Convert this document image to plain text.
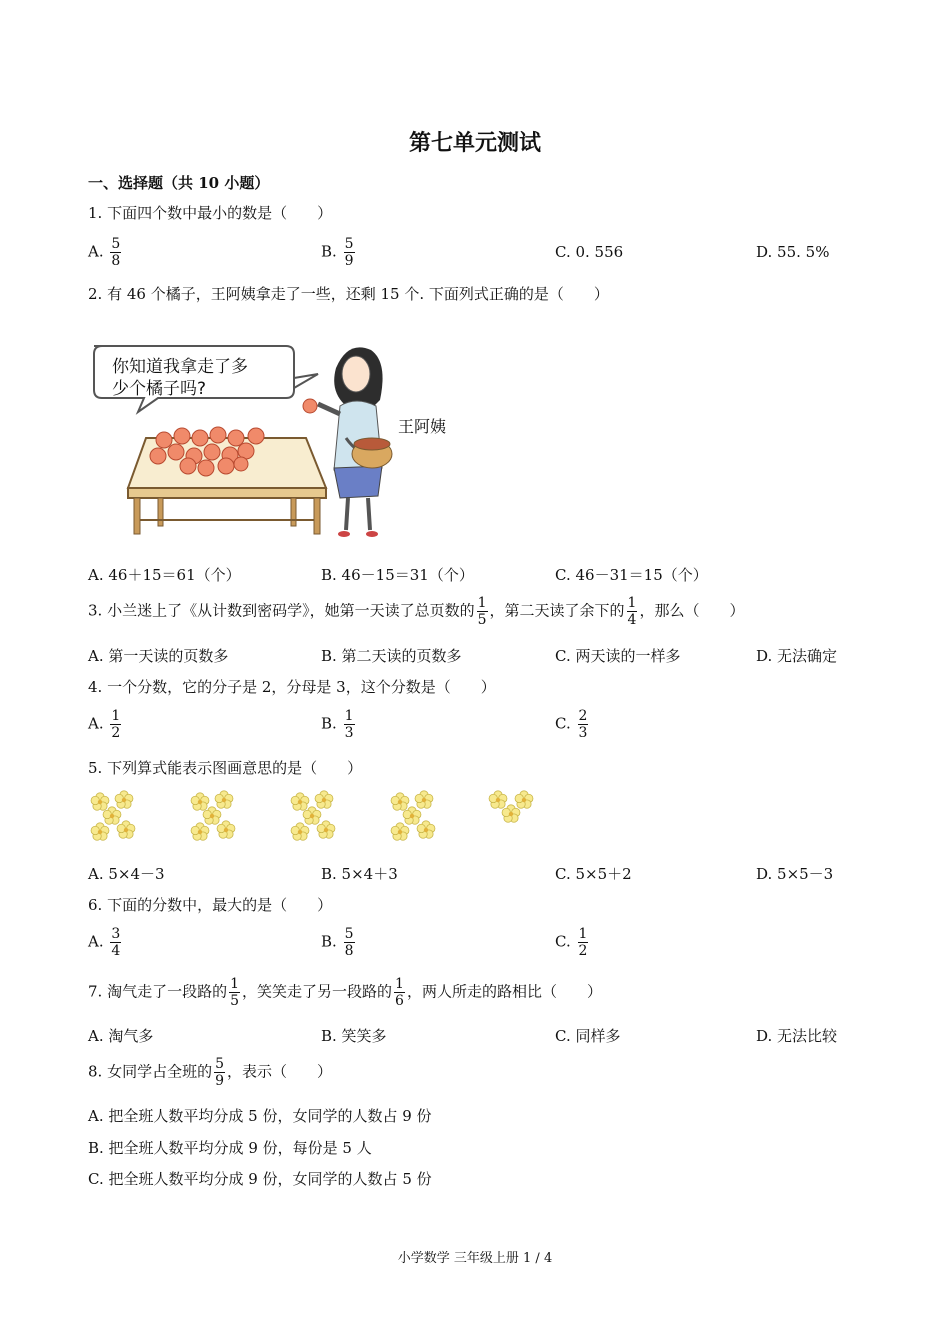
第七单元测试
一、选择题（共 10 小题）
1. 下面四个数中最小的数是（　　）
A. $\frac{5}{8}$	B. $\frac{5}{9}$	C. 0. 556	D. 55. 5%
2. 有 46 个橘子，王阿姨拿走了一些，还剩 15 个. 下面列式正确的是（　　）
你知道我拿走了多
少个橘子吗?
王阿姨
A. 46＋15＝61（个）	B. 46－15＝31（个）	C. 46－31＝15（个）
3. 小兰迷上了《从计数到密码学》，她第一天读了总页数的 $\frac{1}{5}$ ，第二天读了余下的 $\frac{1}{4}$ ，那么（　　）
A. 第一天读的页数多	B. 第二天读的页数多	C. 两天读的一样多	D. 无法确定
4. 一个分数，它的分子是 2，分母是 3，这个分数是（　　）
A. $\frac{1}{2}$	B. $\frac{1}{3}$	C. $\frac{2}{3}$
5. 下列算式能表示图画意思的是（　　）
A. 5×4－3	B. 5×4＋3	C. 5×5＋2	D. 5×5－3
6. 下面的分数中，最大的是（　　）
A. $\frac{3}{4}$	B. $\frac{5}{8}$	C. $\frac{1}{2}$
7. 淘气走了一段路的 $\frac{1}{5}$ ，笑笑走了另一段路的 $\frac{1}{6}$ ，两人所走的路相比（　　）
A. 淘气多	B. 笑笑多	C. 同样多	D. 无法比较
8. 女同学占全班的 $\frac{5}{9}$ ，表示（　　）
A. 把全班人数平均分成 5 份，女同学的人数占 9 份
B. 把全班人数平均分成 9 份，每份是 5 人
C. 把全班人数平均分成 9 份，女同学的人数占 5 份
小学数学 三年级上册 1 / 4
